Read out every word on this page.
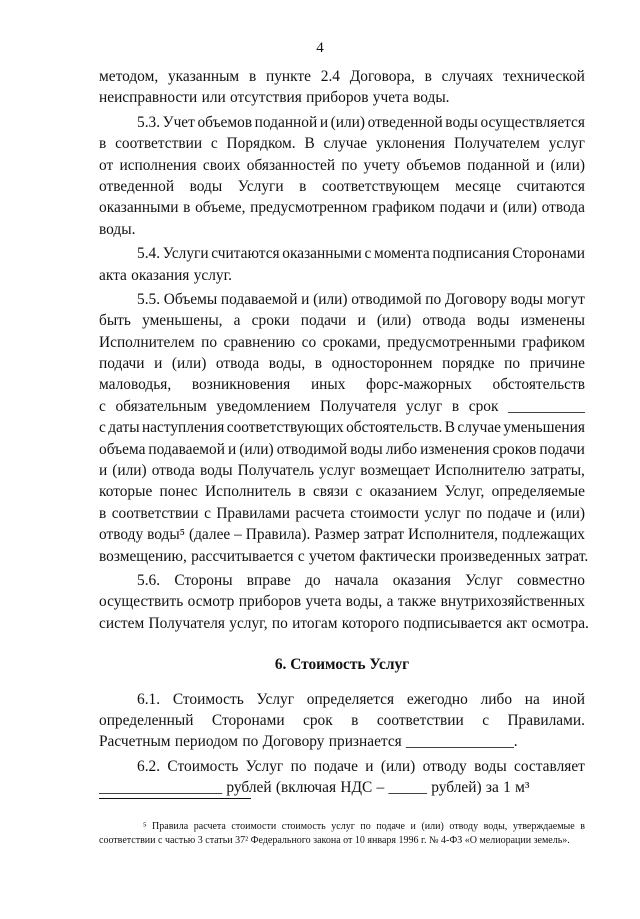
4
методом, указанным в пункте 2.4 Договора, в случаях технической
неисправности или отсутствия приборов учета воды.
5.3. Учет объемов поданной и (или) отведенной воды осуществляется
в соответствии с Порядком. В случае уклонения Получателем услуг
от исполнения своих обязанностей по учету объемов поданной и (или)
отведенной воды Услуги в соответствующем месяце считаются
оказанными в объеме, предусмотренном графиком подачи и (или) отвода
воды.
5.4. Услуги считаются оказанными с момента подписания Сторонами
акта оказания услуг.
5.5. Объемы подаваемой и (или) отводимой по Договору воды могут
быть уменьшены, а сроки подачи и (или) отвода воды изменены
Исполнителем по сравнению со сроками, предусмотренными графиком
подачи и (или) отвода воды, в одностороннем порядке по причине
маловодья, возникновения иных форс-мажорных обстоятельств
с обязательным уведомлением Получателя услуг в срок __________
с даты наступления соответствующих обстоятельств. В случае уменьшения
объема подаваемой и (или) отводимой воды либо изменения сроков подачи
и (или) отвода воды Получатель услуг возмещает Исполнителю затраты,
которые понес Исполнитель в связи с оказанием Услуг, определяемые
в соответствии с Правилами расчета стоимости услуг по подаче и (или)
отводу воды⁵ (далее – Правила). Размер затрат Исполнителя, подлежащих
возмещению, рассчитывается с учетом фактически произведенных затрат.
5.6. Стороны вправе до начала оказания Услуг совместно
осуществить осмотр приборов учета воды, а также внутрихозяйственных
систем Получателя услуг, по итогам которого подписывается акт осмотра.
6. Стоимость Услуг
6.1. Стоимость Услуг определяется ежегодно либо на иной
определенный Сторонами срок в соответствии с Правилами.
Расчетным периодом по Договору признается ______________.
6.2. Стоимость Услуг по подаче и (или) отводу воды составляет
________________ рублей (включая НДС – _____ рублей) за 1 м³
⁵ Правила расчета стоимости стоимость услуг по подаче и (или) отводу воды, утверждаемые в соответствии с частью 3 статьи 37² Федерального закона от 10 января 1996 г. № 4-ФЗ «О мелиорации земель».
